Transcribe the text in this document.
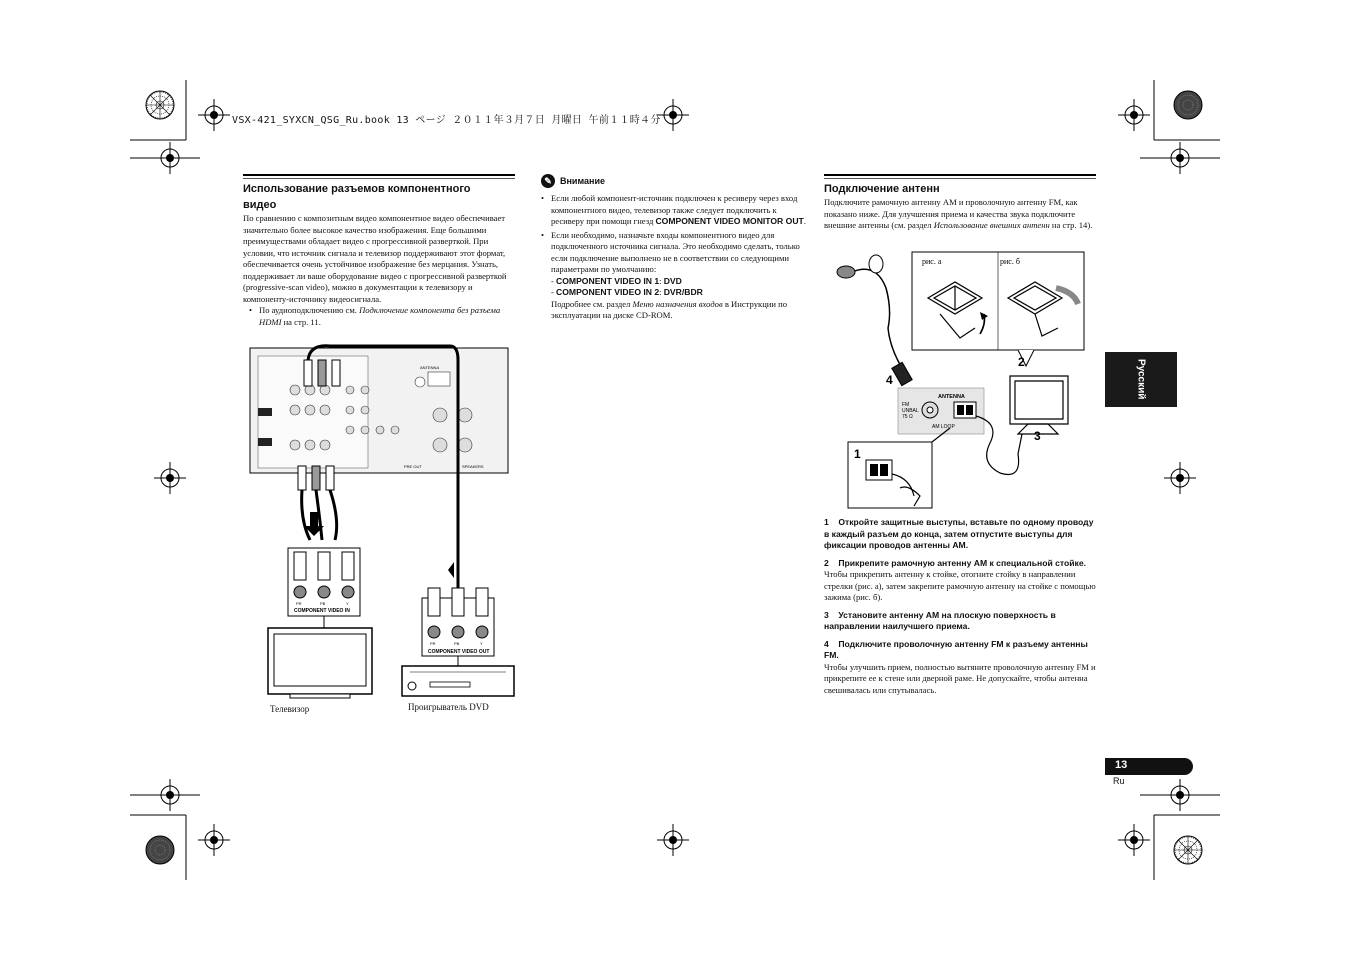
VSX-421_SYXCN_QSG_Ru.book 13 ページ ２０１１年３月７日 月曜日 午前１１時４分
Использование разъемов компонентного видео

По сравнению с композитным видео компонентное видео обеспечивает значительно более высокое качество изображения. Еще большими преимуществами обладает видео с прогрессивной разверткой. При условии, что источник сигнала и телевизор поддерживают этот формат, обеспечивается очень устойчивое изображение без мерцания. Узнать, поддерживает ли ваше оборудование видео с прогрессивной разверткой (progressive-scan video), можно в документации к телевизору и компоненту-источнику видеосигнала.

• По аудиоподключению см. Подключение компонента без разъема HDMI на стр. 11.

ANTENNA
SPEAKERS
PRE OUT
PR	PB	Y
COMPONENT VIDEO IN
PR	PB	Y
COMPONENT VIDEO OUT
Телевизор	Проигрыватель DVD
✎ Внимание

• Если любой компонент-источник подключен к ресиверу через вход компонентного видео, телевизор также следует подключить к ресиверу при помощи гнезд COMPONENT VIDEO MONITOR OUT.

• Если необходимо, назначьте входы компонентного видео для подключенного источника сигнала. Это необходимо сделать, только если подключение выполнено не в соответствии со следующими параметрами по умолчанию:
- COMPONENT VIDEO IN 1: DVD
- COMPONENT VIDEO IN 2: DVR/BDR
Подробнее см. раздел Меню назначения входов в Инструкции по эксплуатации на диске CD-ROM.

Подключение антенн
Подключите рамочную антенну AM и проволочную антенну FM, как показано ниже. Для улучшения приема и качества звука подключите внешние антенны (см. раздел Использование внешних антенн на стр. 14).
рис. а	рис. б
4
ANTENNA
FM
UNBAL
75 Ω
AM LOOP
2
3
1
1 Откройте защитные выступы, вставьте по одному проводу в каждый разъем до конца, затем отпустите выступы для фиксации проводов антенны AM.
2 Прикрепите рамочную антенну AM к специальной стойке.
Чтобы прикрепить антенну к стойке, отогните стойку в направлении стрелки (рис. а), затем закрепите рамочную антенну на стойке с помощью зажима (рис. б).
3 Установите антенну AM на плоскую поверхность в направлении наилучшего приема.
4 Подключите проволочную антенну FM к разъему антенны FM.
Чтобы улучшить прием, полностью вытяните проволочную антенну FM и прикрепите ее к стене или дверной раме. Не допускайте, чтобы антенна свешивалась или спутывалась.
Русский
13
Ru
